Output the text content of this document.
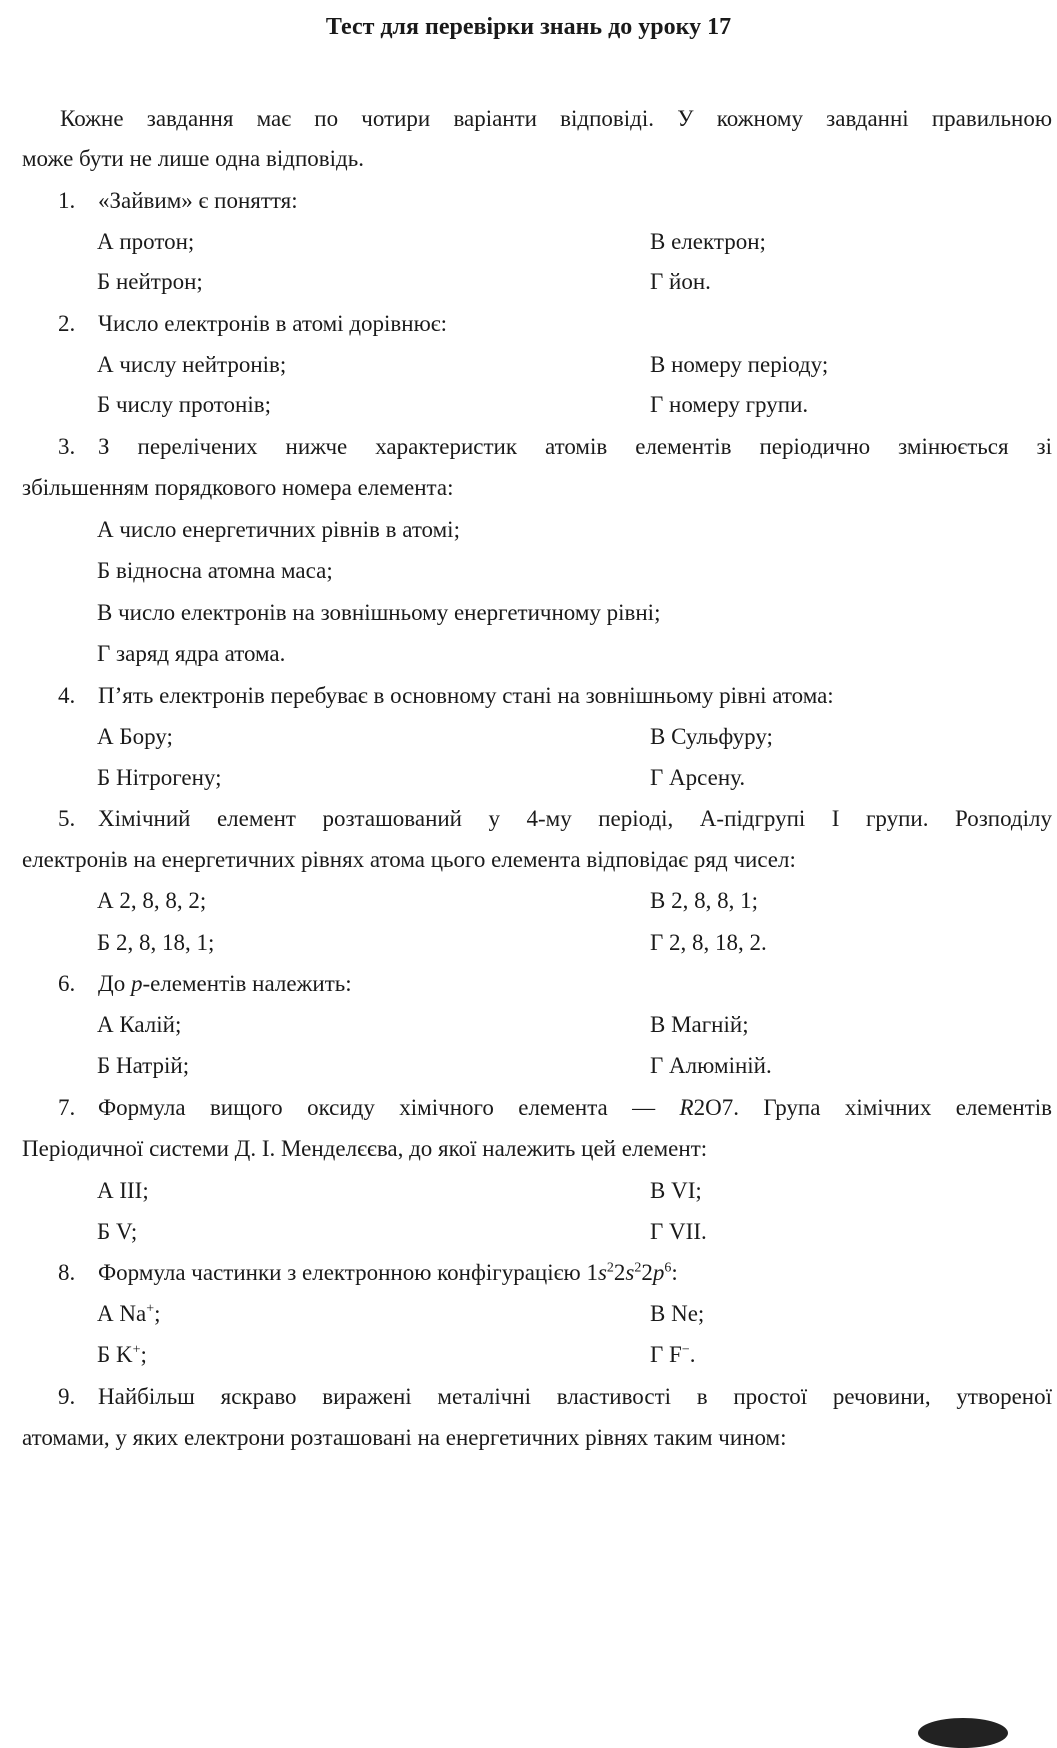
Тест для перевірки знань до уроку 17
Кожне завдання має по чотири варіанти відповіді. У кожному завданні правильною
може бути не лише одна відповідь.
1. «Зайвим» є поняття:
А протон;	В електрон;
Б нейтрон;	Г йон.
2. Число електронів в атомі дорівнює:
А числу нейтронів;	В номеру періоду;
Б числу протонів;	Г номеру групи.
3. З перелічених нижче характеристик атомів елементів періодично змінюється зі
збільшенням порядкового номера елемента:
А число енергетичних рівнів в атомі;
Б відносна атомна маса;
В число електронів на зовнішньому енергетичному рівні;
Г заряд ядра атома.
4. П’ять електронів перебуває в основному стані на зовнішньому рівні атома:
А Бору;	В Сульфуру;
Б Нітрогену;	Г Арсену.
5. Хімічний елемент розташований у 4-му періоді, А-підгрупі I групи. Розподілу
електронів на енергетичних рівнях атома цього елемента відповідає ряд чисел:
А 2, 8, 8, 2;	В 2, 8, 8, 1;
Б 2, 8, 18, 1;	Г 2, 8, 18, 2.
6. До p-елементів належить:
А Калій;	В Магній;
Б Натрій;	Г Алюміній.
7. Формула вищого оксиду хімічного елемента — R2O7. Група хімічних елементів
Періодичної системи Д. І. Менделєєва, до якої належить цей елемент:
А III;	В VI;
Б V;	Г VII.
8. Формула частинки з електронною конфігурацією $1s^22s^22p^6$:
А Na+;	В Ne;
Б K+;	Г F−.
9. Найбільш яскраво виражені металічні властивості в простої речовини, утвореної
атомами, у яких електрони розташовані на енергетичних рівнях таким чином:
